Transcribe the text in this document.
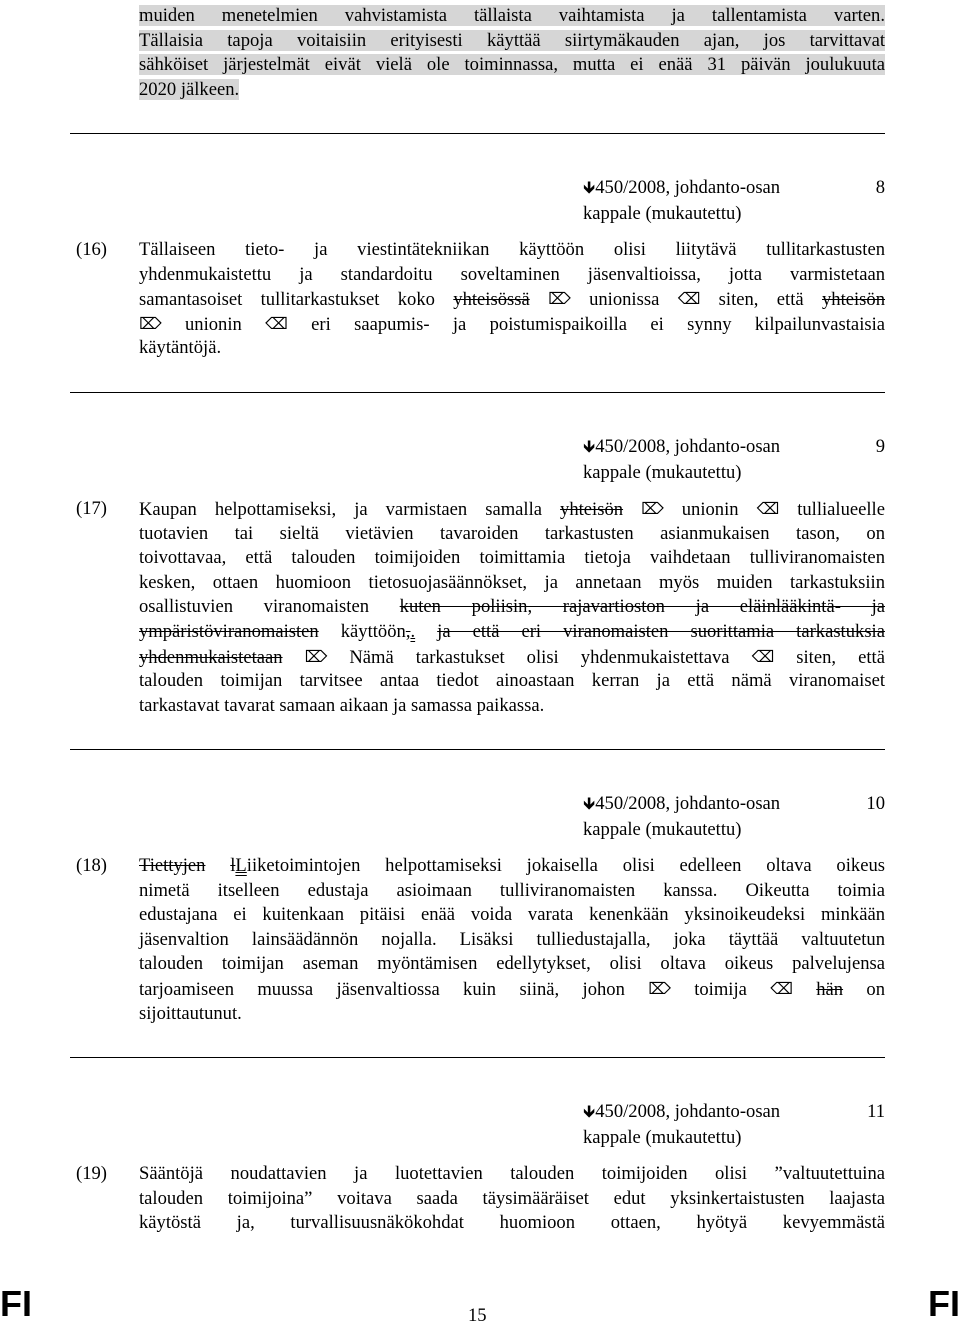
muiden menetelmien vahvistamista tällaista vaihtamista ja tallentamista varten.
Tällaisia tapoja voitaisiin erityisesti käyttää siirtymäkauden ajan, jos tarvittavat
sähköiset järjestelmät eivät vielä ole toiminnassa, mutta ei enää 31 päivän joulukuuta
2020 jälkeen.
🡻450/2008, johdanto-osan	8
kappale (mukautettu)
(16) Tällaiseen tieto- ja viestintätekniikan käyttöön olisi liitytävä tullitarkastusten
yhdenmukaistettu ja standardoitu soveltaminen jäsenvaltioissa, jotta varmistetaan
samantasoiset tullitarkastukset koko yhteisössä ⌦ unionissa ⌫ siten, että yhteisön
⌦ unionin ⌫ eri saapumis- ja poistumispaikoilla ei synny kilpailunvastaisia
käytäntöjä.
🡻450/2008, johdanto-osan	9
kappale (mukautettu)
(17) Kaupan helpottamiseksi, ja varmistaen samalla yhteisön ⌦ unionin ⌫ tullialueelle
tuotavien tai sieltä vietävien tavaroiden tarkastusten asianmukaisen tason, on
toivottavaa, että talouden toimijoiden toimittamia tietoja vaihdetaan tulliviranomaisten
kesken, ottaen huomioon tietosuojasäännökset, ja annetaan myös muiden tarkastuksiin
osallistuvien viranomaisten kuten poliisin, rajavartioston ja eläinlääkintä- ja
ympäristöviranomaisten käyttöön,. ja että eri viranomaisten suorittamia tarkastuksia
yhdenmukaistetaan ⌦ Nämä tarkastukset olisi yhdenmukaistettava ⌫ siten, että
talouden toimijan tarvitsee antaa tiedot ainoastaan kerran ja että nämä viranomaiset
tarkastavat tavarat samaan aikaan ja samassa paikassa.
🡻450/2008, johdanto-osan	10
kappale (mukautettu)
(18) Tiettyjen lLiiketoimintojen helpottamiseksi jokaisella olisi edelleen oltava oikeus
nimetä itselleen edustaja asioimaan tulliviranomaisten kanssa. Oikeutta toimia
edustajana ei kuitenkaan pitäisi enää voida varata kenenkään yksinoikeudeksi minkään
jäsenvaltion lainsäädännön nojalla. Lisäksi tulliedustajalla, joka täyttää valtuutetun
talouden toimijan aseman myöntämisen edellytykset, olisi oltava oikeus palvelujensa
tarjoamiseen muussa jäsenvaltiossa kuin siinä, johon ⌦ toimija ⌫ hän on
sijoittautunut.
🡻450/2008, johdanto-osan	11
kappale (mukautettu)
(19) Sääntöjä noudattavien ja luotettavien talouden toimijoiden olisi ”valtuutettuina
talouden toimijoina” voitava saada täysimääräiset edut yksinkertaistusten laajasta
käytöstä ja, turvallisuusnäkökohdat huomioon ottaen, hyötyä kevyemmästä
FI	15	FI
